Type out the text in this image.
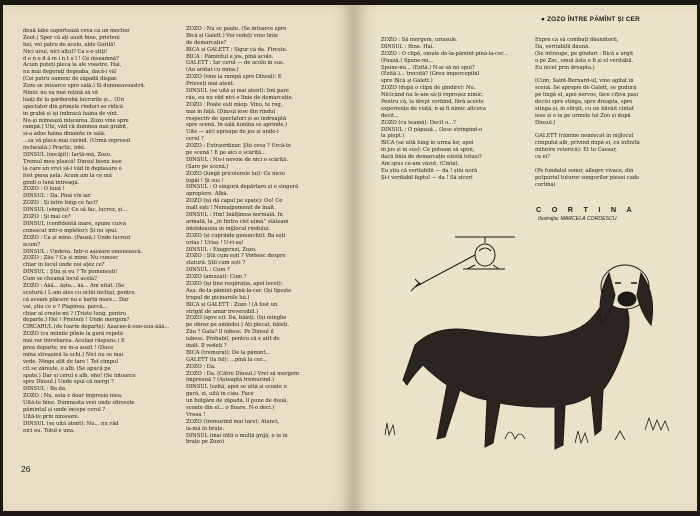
două labe suportează ceva ca un mecher
Zoot.) Sper că ați auzit bine, prieteni
hei, voi patru de acolo, alde Gorilă!
Nici unul, nici altul? Ca s-o știți!
d e n o d ă m i n t u l ! Ce înseamnă?
Acum puteți pleca la ale voastre. Hai,
nu mai degeraţi degeaba, dacă-i vă!
(Cei patru oameni de zăpadă dispar.
Zozo se întoarce spre sală.) Si dumneavoastră.
Nimic nu va mai rețină să vă
luați de la garderobă lucrurile și... (Un
spectator din primele rînduri se ridică
în grabă și își îmbracă haina de vînt.
Nu-și mimează mișcarea. Zozo vine spre
rampă.) Ute, văd că dumnea mai grabit,
si-a adus haina dinainte în sală.
...sa vă place mai curînd. (Urmă reprosul
încheiată.) Practic, inkl.
DINSUL (necăjit): Iartă-mă, Zozo.
Tremul meu pleacă! Dinsul bisnu iese
la care un vrut să-i văd în deplasare o
fost piesa asta. Acum am la ce mă
gîndi o lună întreagă.
ZOZO : O lună !
DINSUL : Da. Pînă vin iar.
ZOZO : Și între timp ce faci?
DINSUL (simplu): Ce să fac, lucrez, și...
ZOZO : Și mai ce?
DINSUL (confidentă mare, spune cuiva
cunoscut într-o mpletor): Și nu spui.
ZOZO : Ca și mine. (Pauză.) Unde lucrezi
acum?
DINSUL : Undeva. Într-o așezare omenească.
ZOZO : Zău ? Ca și mine. Nu cunosc
chiar în locul unde noi ațez ce?
DINSUL : Știu și eu ? Te pomenești!
Cum se cheamă locul acela?
ZOZO : Ăăă... ășta... ăă... Am uitat. (Se
scutură.) L-am ales cu ochii închiși, pentru
că aveam plăcere nu e hartă mare... Dar
vai, știu ce e ? Plapinea, parcă...
chiar ai crește-mi ? (Triste lung. pentru
departe.) Hei ! Prieteni ! Unde mergem?
CIRCARUL (de foarte departe): Aaacee-ii-ooo-uuu-ăăă...
ZOZO (cu mîinile pîlnie la gură repetă
mai rar întrebarea. Același răspuns.) E
prea departe, nu m-a auzit ! (Duce
mîna streașină la ochi.) Nici nu se mai
vede. Ninge atît de tare ! Tot cîmpul
cît se zărește, e alb. (Se apucă pe
spate.) Dar și cerul e alb, oho! (Se întoarce
spre Dînsul.) Unde spui că mergi ?
DINSUL : Ba da.
ZOZO : Nu, asta e doar impresia mea.
Uită-te bine. Dumneata vezi unde sfîrșește
pămîntul și unde începe cerul ?
Uită-te prin ninsoare.
DINSUL (se uită atent): Nu... nu văd
nici eu. Totul e una.
ZOZO : Nu se poate. (Se întoarce spre
Bică și Galett.) Voi vedeți vreo linie
de demarcație?
BICĂ și GALETT : Sigur că da. Firește.
BICĂ : Pămîntul e jos, pînă acolo.
GALETT : Iar cerul — de acolo în sus.
(Au arătat cu mîna.)
ZOZO (vine la rampă spre Dînsul): E
Prieveți mai atent.
DINSUL (se uită și mai atent): Îmi pare
rău, eu nu văd nici o linie de demarcație.
ZOZO : Poate ești miop. Vino, te rog,
mai în față. (Dinsul iese din rîndul
respectiv de spectatori și se îndreaptă
spre scenă. In sală lumina se aprinde.)
Uite — aici aproape de jos și unde-i
cerul ?
ZOZO : Extraordinar. Știi ceva ? Urcă-te
pe scenă ! E pe aici o scăriță...
DINSUL : Nu-i nevoie de nici o scăriță.
(Sare pe scenă.)
ZOZO (lungă pricolerele lui): Ce nicio
țopăi ! Și sus !
DINSUL : O singură depărtare și o singură
apropiere. Albă.
ZOZO (își dă capul pe spate): Oo! Ce
înalt ești ! Nemaipomenit de înalt.
DINSUL : Hm! Înălțimea normală. În
armată, la „în fîntra ciel uimă” stăteam
întotdeauna în mijlocul rîndului.
ZOZO (și cuprinde genunchii): Ba ești
uriaș ! Uriaș ! U-ri-aș!
DINSUL : Exagerezi, Zozo.
ZOZO : Știi cum ești ? Vorbesc despre
statură. Știi cum ești ?
DINSUL : Cum ?
ZOZO (amuzat): Cum ?
ZOZO (își ține respirația, apoi lecet):
Asa: de-la-pămînt-pînă-la-cer. (Își lipește
trupul de picioarele lui.)
BICĂ și GALETT : Zozo ! (A fost un
strigăt de amar ireversibil.)
ZOZO (spre ei): Da, băieți. (Își minglie
pe obraz pe amîndoi.) Ați plecat, băieți.
Zău ? Gata? Îl îubesc. Pe Dînsul îl
iubesc. Probabil, pentru că e atît de
înalt. Îl vedeți ?
BICĂ (tremurat): De la pămînt...
GALETT (la fel): ...pînă la cer...
ZOZO : Da.
ZOZO : Da. (Către Dînsul.) Vrei să mergem
împreună ? (Așteaptă tremurind.)
DINSUL (ezită, apoi se uită și scoate o
gură, zi, uită în ciau. Face
un bulgăre de zăpadă, îl pune de două,
scoate din el... o floare. N-o deci.)
Vreau !
ZOZO (tremurînd mai tare): Atunci,
ia-mă în brațe.
DINSUL (mai întîi o mulță grijă, o ia în
brațe pe Zozo)
26
● ZOZO ÎNTRE PĂMÎNT ȘI CER
ZOZO : Să mergem, uriașule.
DINSUL : Bine. Hai.
ZOZO : O clipă, omule de-la-pămînt-pînă-la-cer...
(Pauză.) Spune-mi...
Spune-mi... (Ezită.) N-ai să mi spui?
(Ezită.)... trecută? (Greu impercepibil
spre Bică și Galett.)
ZOZO (după o clipă de gîndire): Nu.
Nicicând nu le-am să-ți reproșez nimic.
Pentru că, la drept vorbind, fără aceste
experiențe de viață, n-ai fi nimic altceva
decît...
ZOZO (cu teamă): Decît o...?
DINSUL : O păpușă... (Ȋese strîngînd-o
la piept.)
BICĂ (se uită lung în urma lor, apoi
în jos și în sus): Ce poteam să spun,
dacă linia de demarcație există totuși?
Am spus ce-am văzut. (Cîntă).
Eu știu că veritabilii — da ! știu noră
Și-i veritabil faptul — da ! Să ziceri
Expre ca să combați dăunătorii,
Da, veritabilii dăună.
(Se întreupe, pe gînduri : Bică a urgit
o pe Zoc, omul ăsta o fi și el veritabil.
Eu încet prin dreapta.)

(Cum, Saint-Bernard-ul, vine agitat în
scenă. Se apropie de Galett, se gudură
pe lîngă el, apoi nervos, face cîțiva pași
decisi spre stînga, spre dreapta, spre
stînga și, în sfîrșit, cu un hăvăit cîntat
iese și o ia pe urmele lui Zoo și după
Dînsul.)

GALETT (rămîne nemișcat în mijlocul
cîmpului alb, privind după ei, cu infinită
mîhnire retorică): Et tu Caesar,
ca ei?

(Pe fundalul sonor, allegro vivace, din
potpuriul tuturor songurilor piesei cade
cortina)
CORTINA
Ilustrația: MARCELA CORDESCU
